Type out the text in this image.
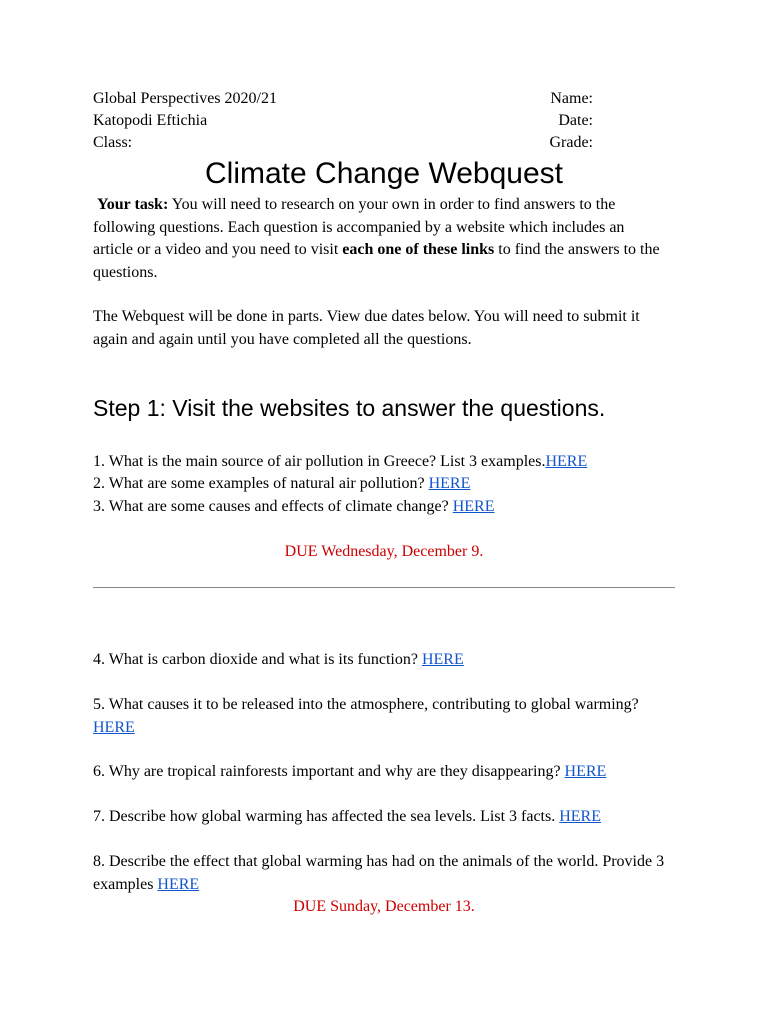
Global Perspectives 2020/21	Name:
Katopodi Eftichia	Date:
Class:	Grade:
Climate Change Webquest
Your task: You will need to research on your own in order to find answers to the following questions. Each question is accompanied by a website which includes an article or a video and you need to visit each one of these links to find the answers to the questions.
The Webquest will be done in parts. View due dates below. You will need to submit it again and again until you have completed all the questions.
Step 1: Visit the websites to answer the questions.
1. What is the main source of air pollution in Greece? List 3 examples.HERE
2. What are some examples of natural air pollution? HERE
3. What are some causes and effects of climate change? HERE
DUE Wednesday, December 9.
4. What is carbon dioxide and what is its function? HERE
5. What causes it to be released into the atmosphere, contributing to global warming? HERE
6. Why are tropical rainforests important and why are they disappearing? HERE
7. Describe how global warming has affected the sea levels. List 3 facts. HERE
8. Describe the effect that global warming has had on the animals of the world. Provide 3 examples HERE
DUE Sunday, December 13.
